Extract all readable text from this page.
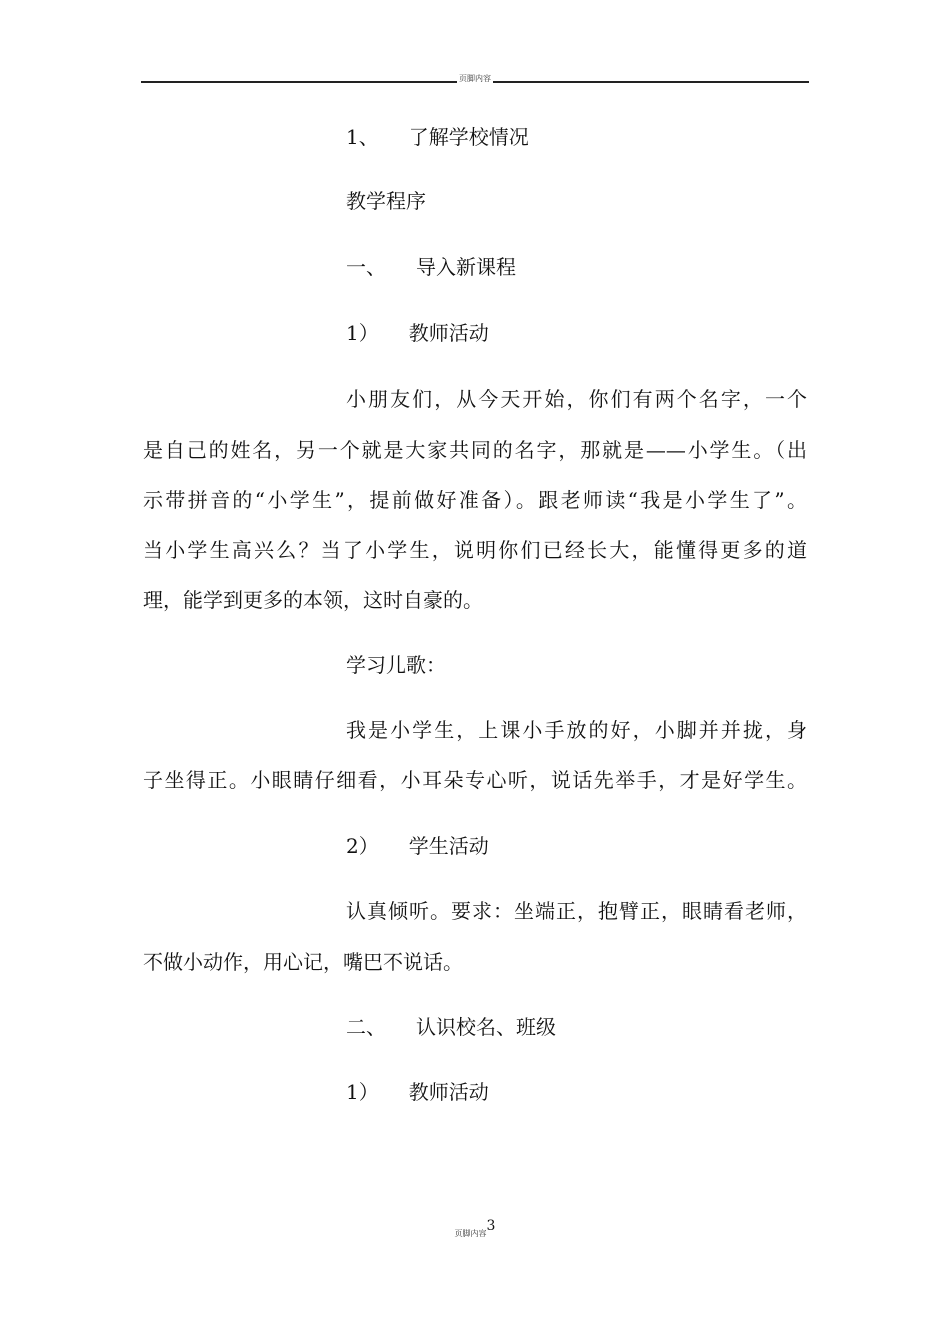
页脚内容
1、 了解学校情况
教学程序
一、 导入新课程
1） 教师活动
小朋友们，从今天开始，你们有两个名字，一个
是自己的姓名，另一个就是大家共同的名字，那就是——小学生。（出
示带拼音的“小学生”，提前做好准备）。跟老师读“我是小学生了”。
当小学生高兴么？当了小学生，说明你们已经长大，能懂得更多的道
理，能学到更多的本领，这时自豪的。
学习儿歌：
我是小学生，上课小手放的好，小脚并并拢，身
子坐得正。小眼睛仔细看，小耳朵专心听，说话先举手，才是好学生。
2） 学生活动
认真倾听。要求：坐端正，抱臂正，眼睛看老师，
不做小动作，用心记，嘴巴不说话。
二、 认识校名、班级
1） 教师活动
页脚内容3
